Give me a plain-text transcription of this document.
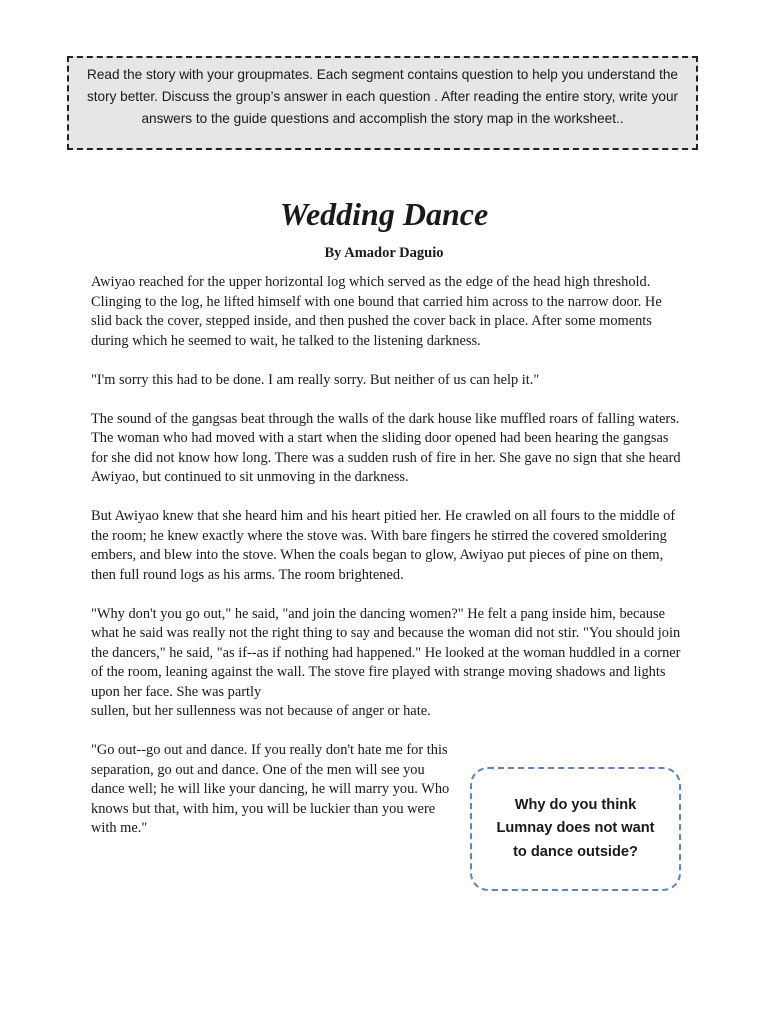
Read the story with your groupmates. Each segment contains question to help you understand the story better. Discuss the group’s answer in each question . After reading the entire story, write your answers to the guide questions and accomplish the story map in the worksheet..
Wedding Dance
By Amador Daguio

Awiyao reached for the upper horizontal log which served as the edge of the head high threshold. Clinging to the log, he lifted himself with one bound that carried him across to the narrow door. He slid back the cover, stepped inside, and then pushed the cover back in place. After some moments during which he seemed to wait, he talked to the listening darkness.

"I'm sorry this had to be done. I am really sorry. But neither of us can help it."

The sound of the gangsas beat through the walls of the dark house like muffled roars of falling waters. The woman who had moved with a start when the sliding door opened had been hearing the gangsas for she did not know how long. There was a sudden rush of fire in her. She gave no sign that she heard Awiyao, but continued to sit unmoving in the darkness.

But Awiyao knew that she heard him and his heart pitied her. He crawled on all fours to the middle of the room; he knew exactly where the stove was. With bare fingers he stirred the covered smoldering embers, and blew into the stove. When the coals began to glow, Awiyao put pieces of pine on them, then full round logs as his arms. The room brightened.

"Why don't you go out," he said, "and join the dancing women?" He felt a pang inside him, because what he said was really not the right thing to say and because the woman did not stir. "You should join the dancers," he said, "as if--as if nothing had happened." He looked at the woman huddled in a corner of the room, leaning against the wall. The stove fire played with strange moving shadows and lights upon her face. She was partly

sullen, but her sullenness was not because of anger or hate.

"Go out--go out and dance. If you really don't hate me for this separation, go out and dance. One of the men will see you dance well; he will like your dancing, he will marry you. Who knows but that, with him, you will be luckier than you were with me."

Why do you think Lumnay does not want to dance outside?
